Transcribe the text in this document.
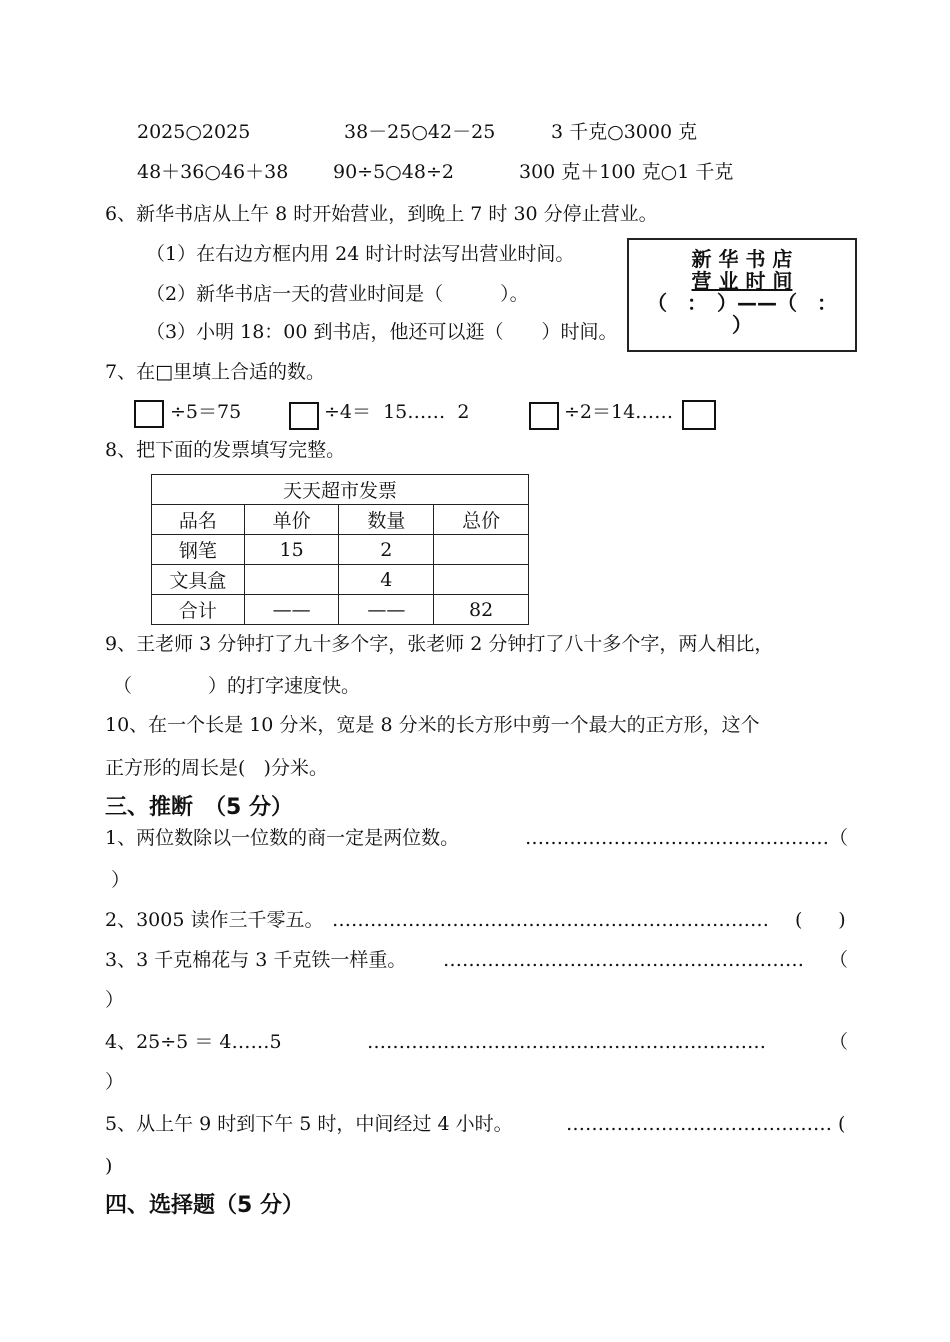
2025○2025	38－25○42－25	3 千克○3000 克
48＋36○46＋38 90÷5○48÷2	300 克＋100 克○1 千克
6、新华书店从上午 8 时开始营业，到晚上 7 时 30 分停止营业。
（1）在右边方框内用 24 时计时法写出营业时间。
（2）新华书店一天的营业时间是（　　　）。
（3）小明 18：00 到书店，他还可以逛（　　）时间。
新 华 书 店
营 业 时 间
（　：　）——（　：
）
7、在□里填上合适的数。
÷5＝75	÷4＝  15……  2	÷2＝14……
8、把下面的发票填写完整。
天天超市发票			
品名	单价	数量	总价
钢笔	15	2	
文具盒		4	
合计	——	——	82
9、王老师 3 分钟打了九十多个字，张老师 2 分钟打了八十多个字，两人相比，
（　　　　）的打字速度快。
10、在一个长是 10 分米，宽是 8 分米的长方形中剪一个最大的正方形，这个
正方形的周长是(   )分米。
三、推断　（5 分）
1、两位数除以一位数的商一定是两位数。	………………………………………… （
）
2、3005 读作三千零五。 …………………………………………………………… ( )
3、3 千克棉花与 3 千克铁一样重。 ………………………………………………… （
）
4、25÷5 ＝ 4……5	………………………………………………………	（
）
5、从上午 9 时到下午 5 时，中间经过 4 小时。	…………………………………… (
)
四、选择题（5 分）
